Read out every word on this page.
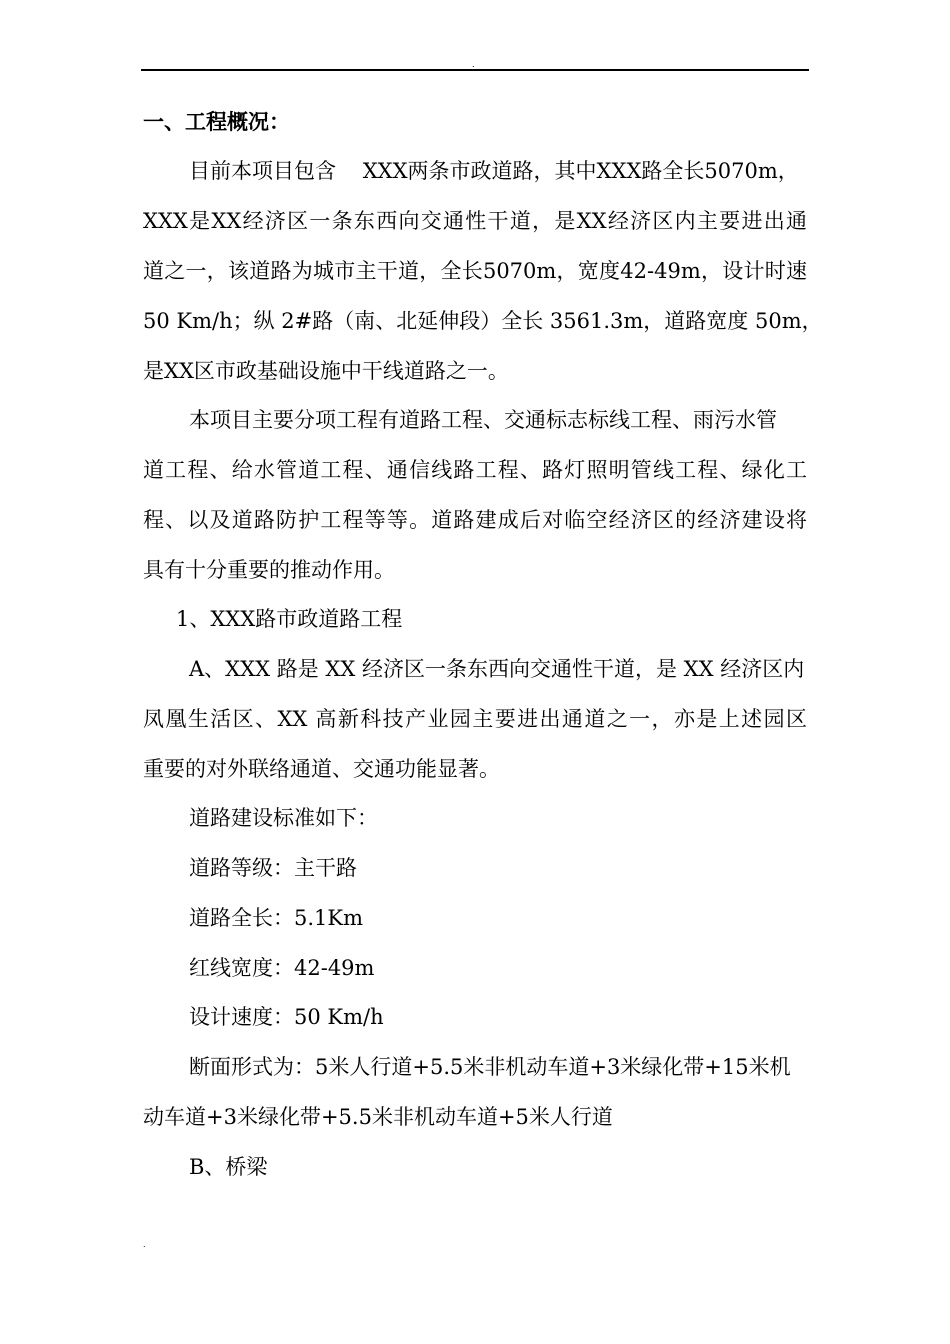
.
一、工程概况：
目前本项目包含    XXX两条市政道路，其中XXX路全长5070m，
XXX是XX经济区一条东西向交通性干道，是XX经济区内主要进出通
道之一，该道路为城市主干道，全长5070m，宽度42-49m，设计时速
50 Km/h；纵 2#路（南、北延伸段）全长 3561.3m，道路宽度 50m，
是XX区市政基础设施中干线道路之一。
本项目主要分项工程有道路工程、交通标志标线工程、雨污水管
道工程、给水管道工程、通信线路工程、路灯照明管线工程、绿化工
程、以及道路防护工程等等。道路建成后对临空经济区的经济建设将
具有十分重要的推动作用。
1、XXX路市政道路工程
A、XXX 路是 XX 经济区一条东西向交通性干道，是 XX 经济区内
凤凰生活区、XX 高新科技产业园主要进出通道之一，亦是上述园区
重要的对外联络通道、交通功能显著。
道路建设标准如下：
道路等级：主干路
道路全长：5.1Km
红线宽度：42-49m
设计速度：50 Km/h
断面形式为：5米人行道+5.5米非机动车道+3米绿化带+15米机
动车道+3米绿化带+5.5米非机动车道+5米人行道
B、桥梁
.
